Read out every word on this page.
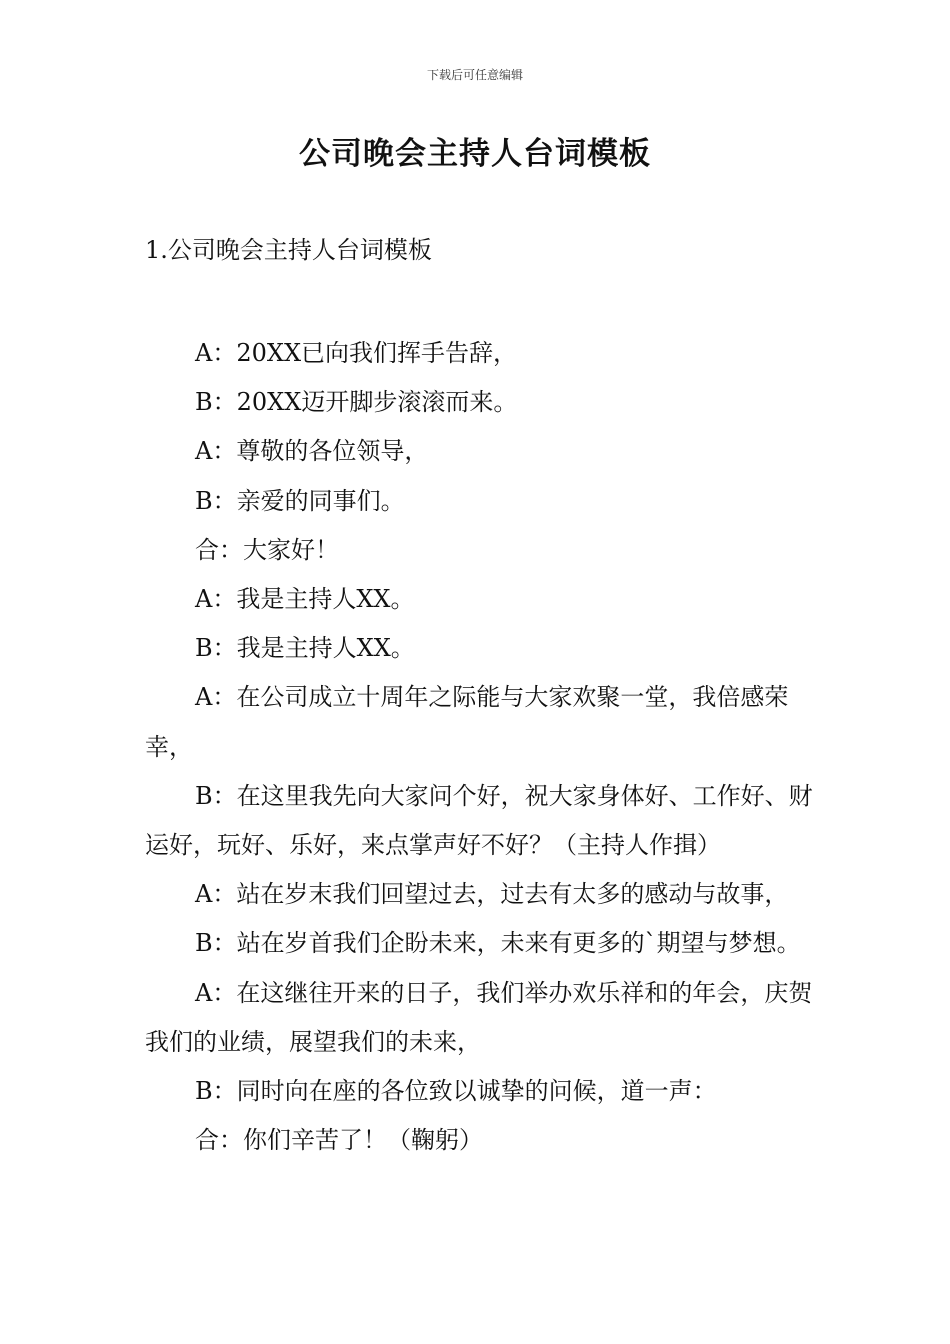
下载后可任意编辑
公司晚会主持人台词模板
1.公司晚会主持人台词模板

A：20XX已向我们挥手告辞，

B：20XX迈开脚步滚滚而来。

A：尊敬的各位领导，

B：亲爱的同事们。

合：大家好！

A：我是主持人XX。

B：我是主持人XX。

A：在公司成立十周年之际能与大家欢聚一堂，我倍感荣幸，

B：在这里我先向大家问个好，祝大家身体好、工作好、财运好，玩好、乐好，来点掌声好不好？（主持人作揖）

A：站在岁末我们回望过去，过去有太多的感动与故事，

B：站在岁首我们企盼未来，未来有更多的`期望与梦想。

A：在这继往开来的日子，我们举办欢乐祥和的年会，庆贺我们的业绩，展望我们的未来，

B：同时向在座的各位致以诚挚的问候，道一声：

合：你们辛苦了！（鞠躬）
